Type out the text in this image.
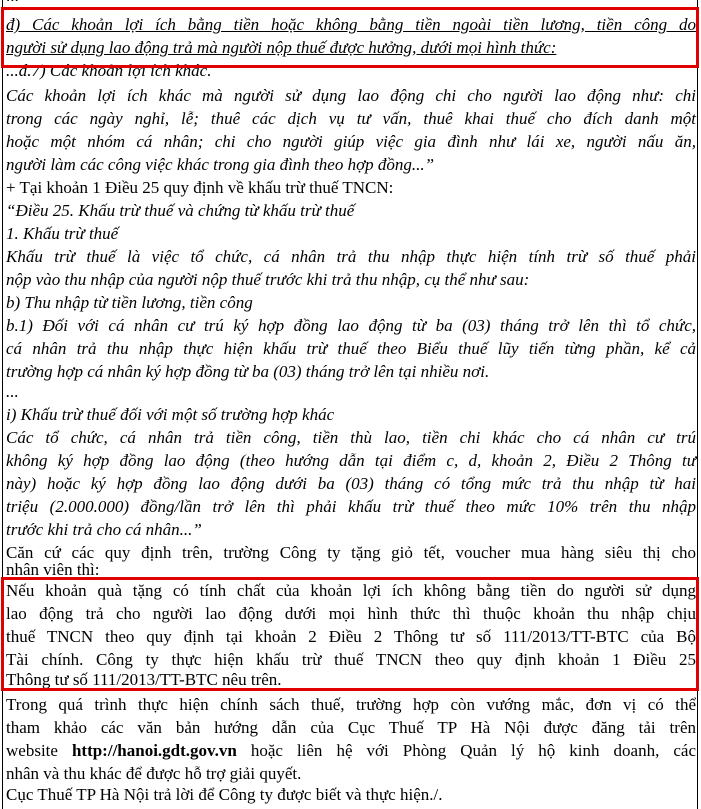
đ) Các khoản lợi ích bằng tiền hoặc không bằng tiền ngoài tiền lương, tiền công do

người sử dụng lao động trả mà người nộp thuế được hưởng, dưới mọi hình thức:

...đ.7) Các khoản lợi ích khác.

Các khoản lợi ích khác mà người sử dụng lao động chi cho người lao động như: chi

trong các ngày nghỉ, lễ; thuê các dịch vụ tư vấn, thuê khai thuế cho đích danh một

hoặc một nhóm cá nhân; chi cho người giúp việc gia đình như lái xe, người nấu ăn,

người làm các công việc khác trong gia đình theo hợp đồng...”

+ Tại khoản 1 Điều 25 quy định về khấu trừ thuế TNCN:

“Điều 25. Khấu trừ thuế và chứng từ khấu trừ thuế

1. Khấu trừ thuế

Khấu trừ thuế là việc tổ chức, cá nhân trả thu nhập thực hiện tính trừ số thuế phải

nộp vào thu nhập của người nộp thuế trước khi trả thu nhập, cụ thể như sau:

b) Thu nhập từ tiền lương, tiền công

b.1) Đối với cá nhân cư trú ký hợp đồng lao động từ ba (03) tháng trở lên thì tổ chức,

cá nhân trả thu nhập thực hiện khấu trừ thuế theo Biểu thuế lũy tiến từng phần, kể cả

trường hợp cá nhân ký hợp đồng từ ba (03) tháng trở lên tại nhiều nơi.

...

i) Khấu trừ thuế đối với một số trường hợp khác

Các tổ chức, cá nhân trả tiền công, tiền thù lao, tiền chi khác cho cá nhân cư trú

không ký hợp đồng lao động (theo hướng dẫn tại điểm c, d, khoản 2, Điều 2 Thông tư

này) hoặc ký hợp đồng lao động dưới ba (03) tháng có tổng mức trả thu nhập từ hai

triệu (2.000.000) đồng/lần trở lên thì phải khấu trừ thuế theo mức 10% trên thu nhập

trước khi trả cho cá nhân...”

Căn cứ các quy định trên, trường Công ty tặng giỏ tết, voucher mua hàng siêu thị cho

nhân viên thì:

Nếu khoản quà tặng có tính chất của khoản lợi ích không bằng tiền do người sử dụng

lao động trả cho người lao động dưới mọi hình thức thì thuộc khoản thu nhập chịu

thuế TNCN theo quy định tại khoản 2 Điều 2 Thông tư số 111/2013/TT-BTC của Bộ

Tài chính. Công ty thực hiện khấu trừ thuế TNCN theo quy định khoản 1 Điều 25

Thông tư số 111/2013/TT-BTC nêu trên.

Trong quá trình thực hiện chính sách thuế, trường hợp còn vướng mắc, đơn vị có thể

tham khảo các văn bản hướng dẫn của Cục Thuế TP Hà Nội được đăng tải trên

website http://hanoi.gdt.gov.vn hoặc liên hệ với Phòng Quản lý hộ kinh doanh, các

nhân và thu khác để được hỗ trợ giải quyết.

Cục Thuế TP Hà Nội trả lời để Công ty được biết và thực hiện./.
